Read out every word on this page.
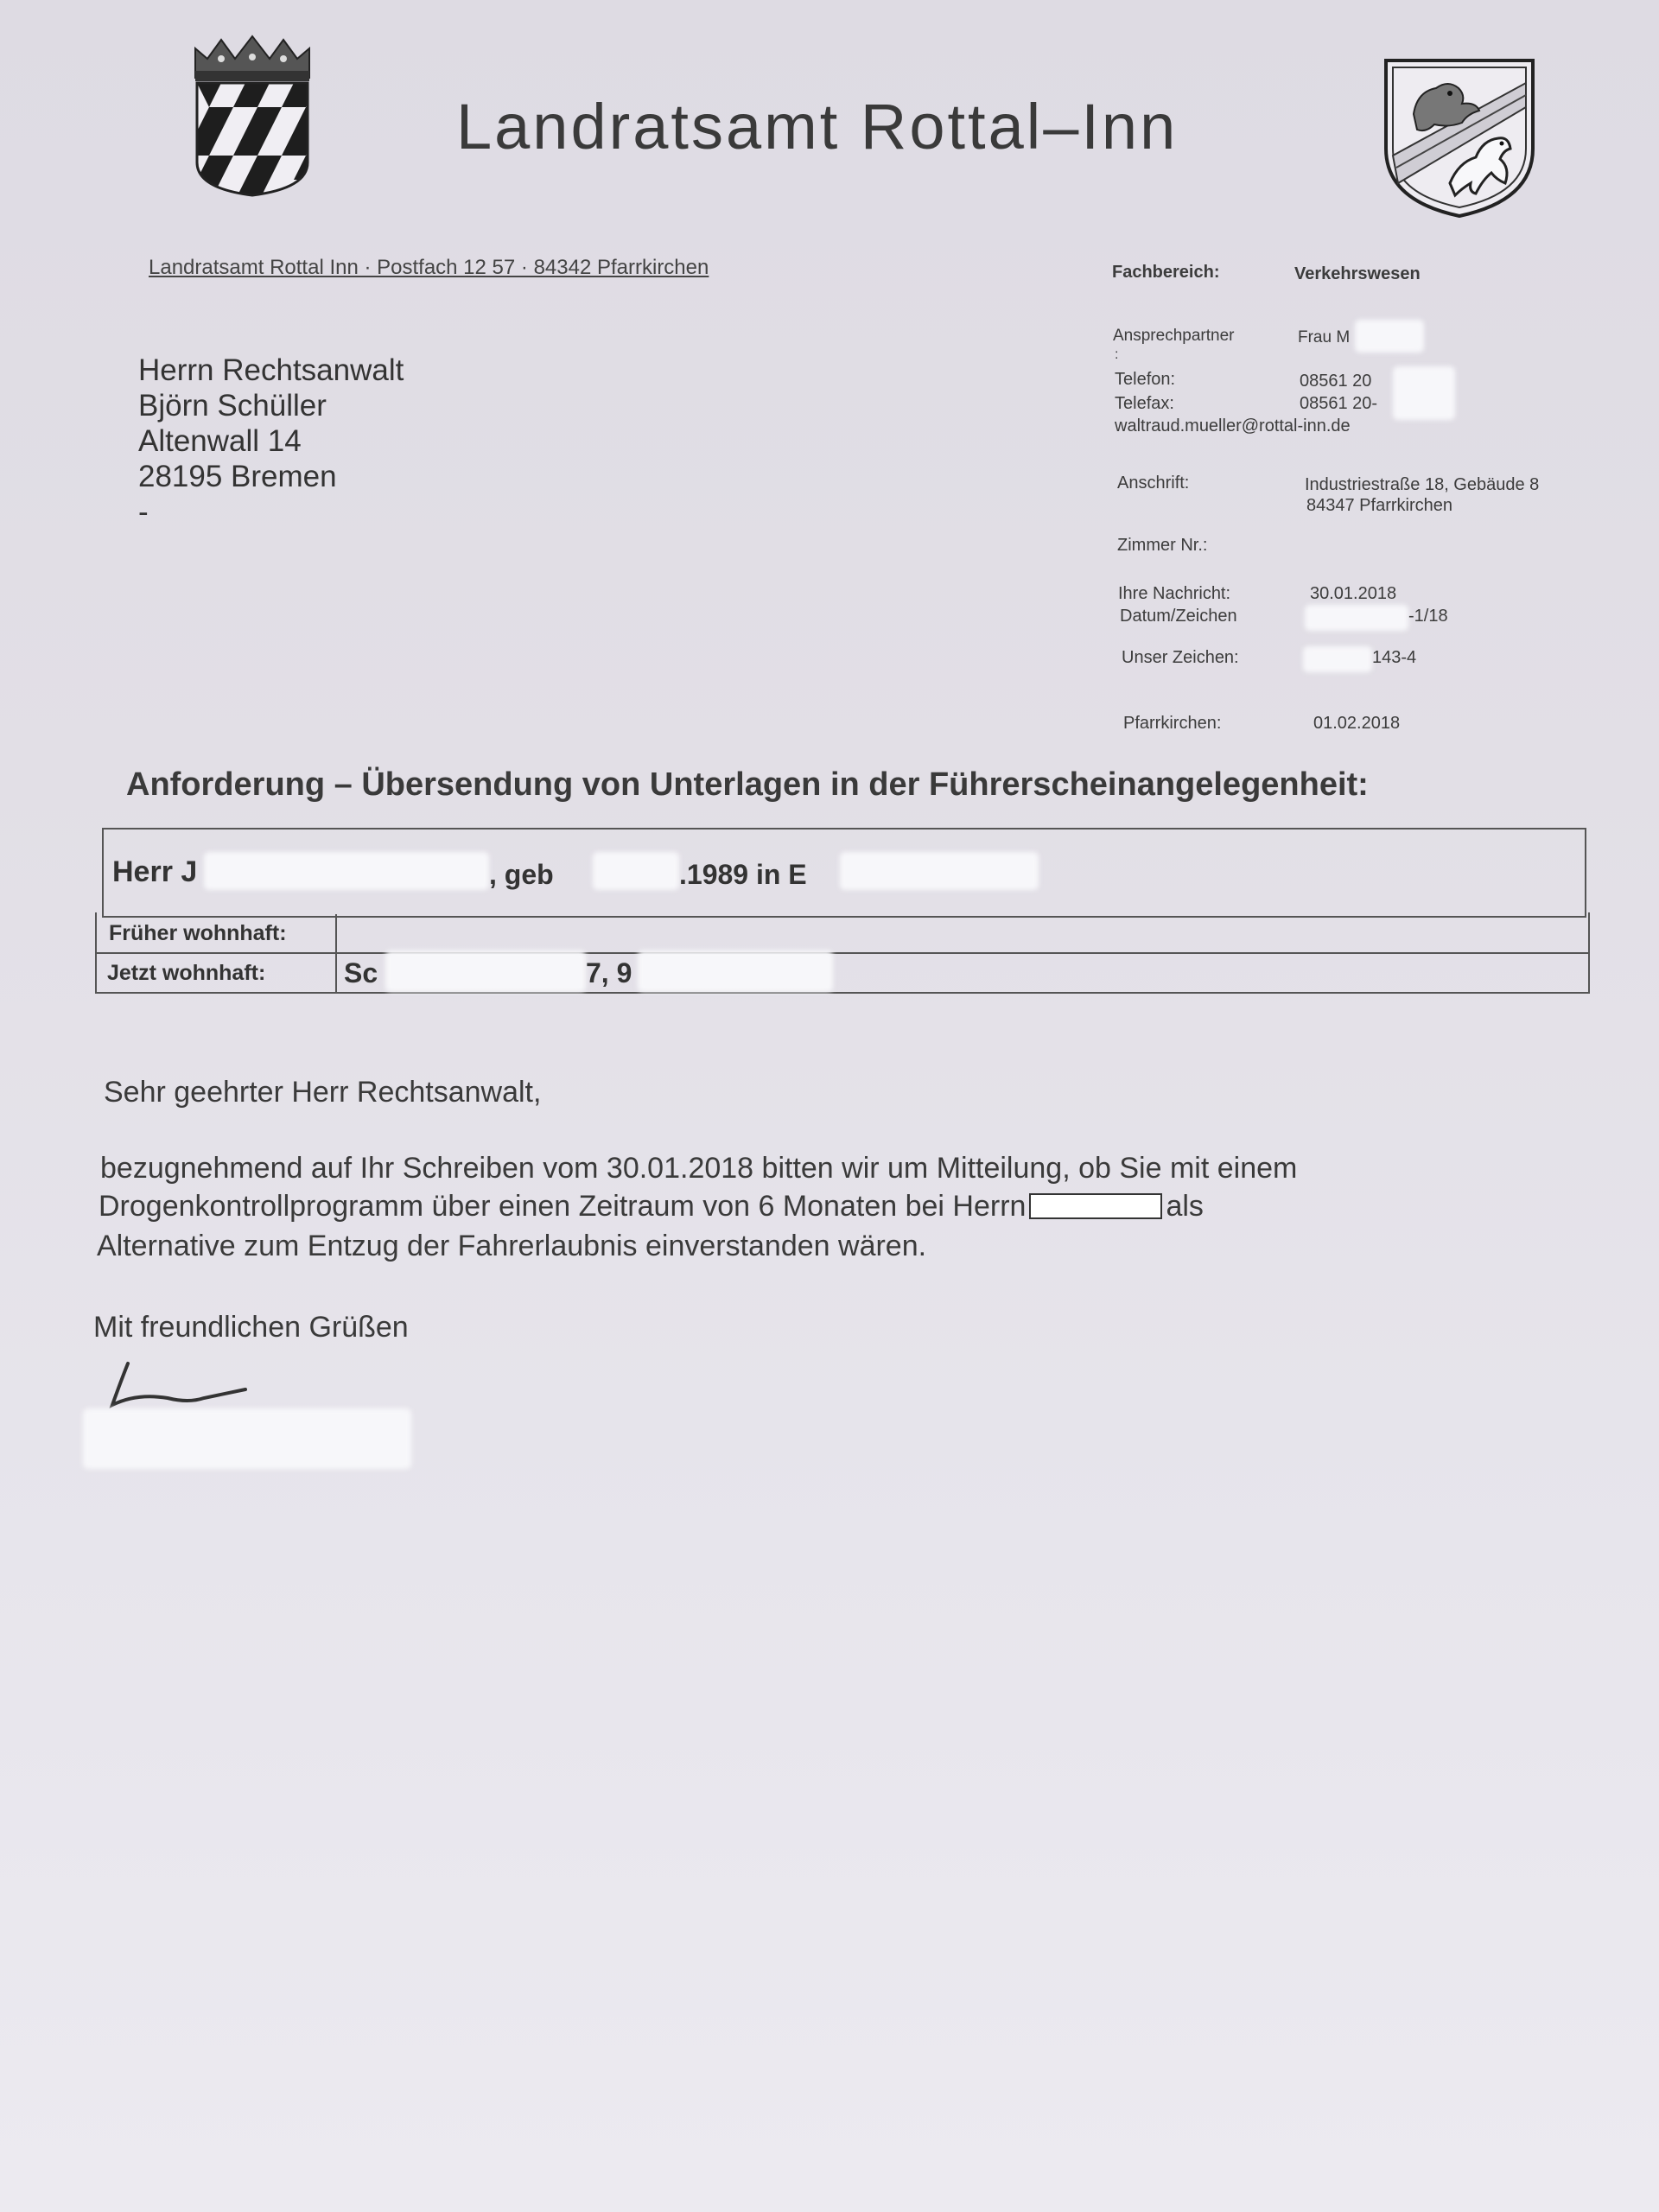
Landratsamt Rottal–Inn
Landratsamt Rottal Inn · Postfach 12 57 · 84342 Pfarrkirchen
Herrn Rechtsanwalt
Björn Schüller
Altenwall 14
28195 Bremen
-
Fachbereich:	Verkehrswesen
Ansprechpartner
:
Frau M
Telefon:	08561 20
Telefax:	08561 20-
waltraud.mueller@rottal-inn.de
Anschrift:	Industriestraße 18, Gebäude 8
84347 Pfarrkirchen
Zimmer Nr.:
Ihre Nachricht:	30.01.2018
Datum/Zeichen	-1/18
Unser Zeichen:	143-4
Pfarrkirchen:	01.02.2018
Anforderung – Übersendung von Unterlagen in der Führerscheinangelegenheit:
Herr J	, geb	.1989 in E
Früher wohnhaft:
Jetzt wohnhaft:	Sc	7, 9
Sehr geehrter Herr Rechtsanwalt,
bezugnehmend auf Ihr Schreiben vom 30.01.2018 bitten wir um Mitteilung, ob Sie mit einem
Drogenkontrollprogramm über einen Zeitraum von 6 Monaten bei Herrn	als
Alternative zum Entzug der Fahrerlaubnis einverstanden wären.
Mit freundlichen Grüßen
